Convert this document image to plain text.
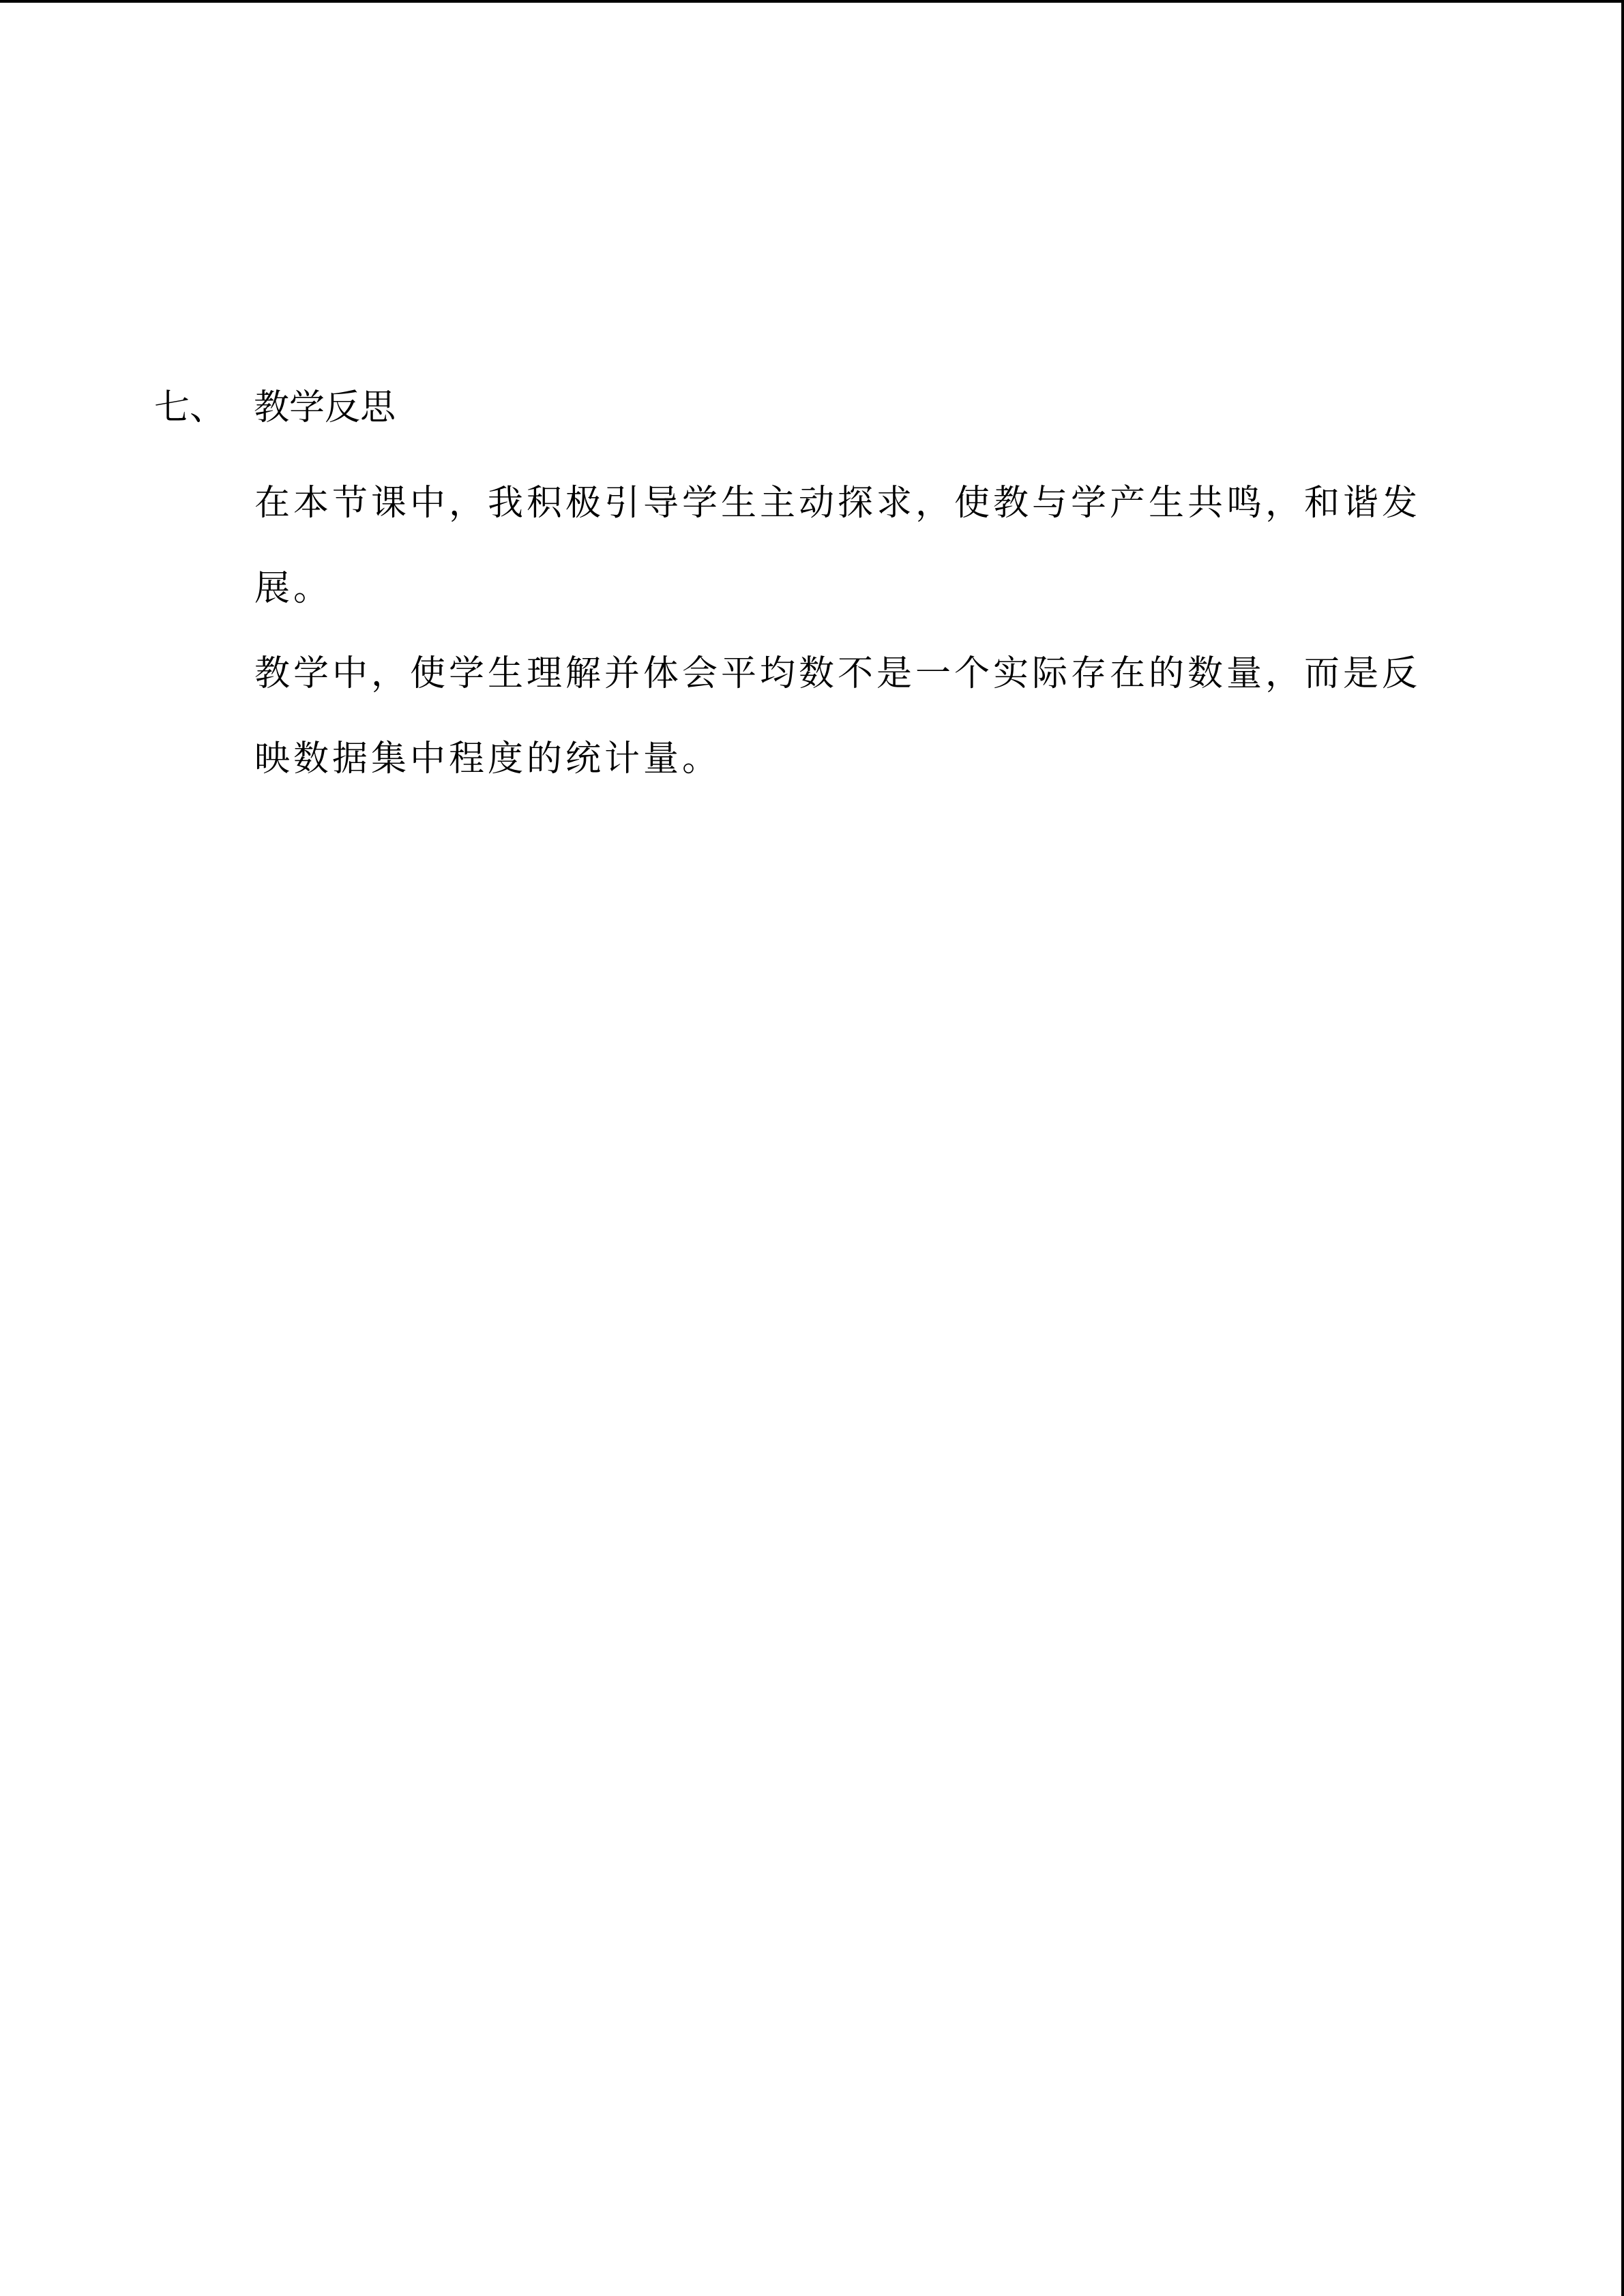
七、 教学反思

在本节课中，我积极引导学生主动探求，使教与学产生共鸣，和谐发展。

教学中，使学生理解并体会平均数不是一个实际存在的数量，而是反映数据集中程度的统计量。
